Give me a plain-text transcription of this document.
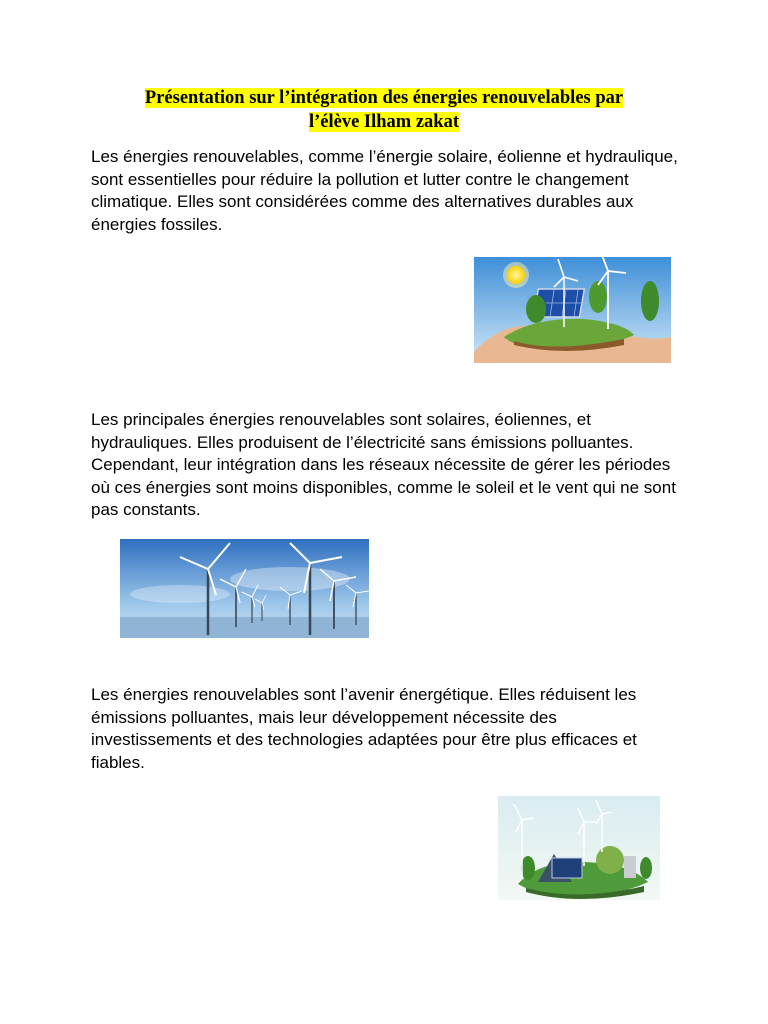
Présentation sur l’intégration des énergies renouvelables par
l’élève Ilham zakat

Les énergies renouvelables, comme l’énergie solaire, éolienne et hydraulique, sont essentielles pour réduire la pollution et lutter contre le changement climatique. Elles sont considérées comme des alternatives durables aux énergies fossiles.

Les principales énergies renouvelables sont solaires, éoliennes, et hydrauliques. Elles produisent de l’électricité sans émissions polluantes. Cependant, leur intégration dans les réseaux nécessite de gérer les périodes où ces énergies sont moins disponibles, comme le soleil et le vent qui ne sont pas constants.

Les énergies renouvelables sont l’avenir énergétique. Elles réduisent les émissions polluantes, mais leur développement nécessite des investissements et des technologies adaptées pour être plus efficaces et fiables.
